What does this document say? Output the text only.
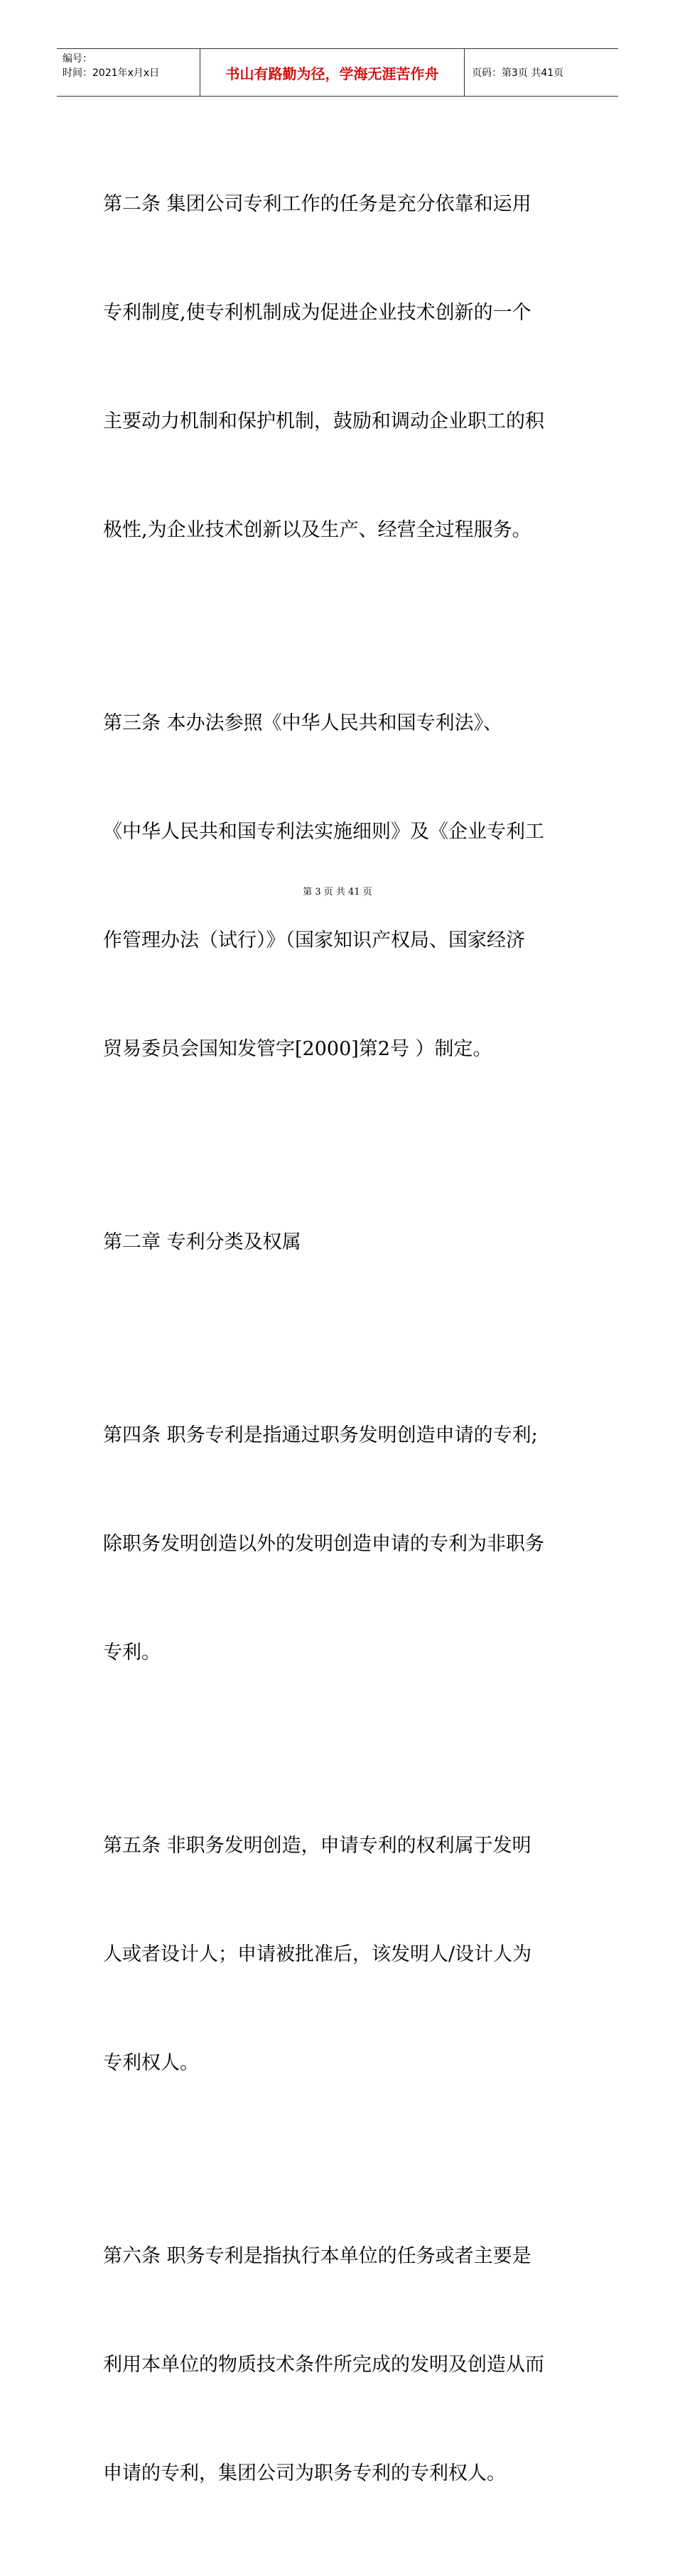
编号：
时间：2021年x月x日	书山有路勤为径，学海无涯苦作舟	页码：第3页 共41页

第二条 集团公司专利工作的任务是充分依靠和运用

专利制度,使专利机制成为促进企业技术创新的一个

主要动力机制和保护机制，鼓励和调动企业职工的积

极性,为企业技术创新以及生产、经营全过程服务。

第三条 本办法参照《中华人民共和国专利法》、

《中华人民共和国专利法实施细则》及《企业专利工

作管理办法（试行）》（国家知识产权局、国家经济

贸易委员会国知发管字[2000]第2号 ）制定。

第二章 专利分类及权属

第四条 职务专利是指通过职务发明创造申请的专利;

除职务发明创造以外的发明创造申请的专利为非职务

专利。

第五条 非职务发明创造，申请专利的权利属于发明

人或者设计人；申请被批准后，该发明人/设计人为

专利权人。

第六条 职务专利是指执行本单位的任务或者主要是

利用本单位的物质技术条件所完成的发明及创造从而

申请的专利，集团公司为职务专利的专利权人。

第 3 页 共 41 页
